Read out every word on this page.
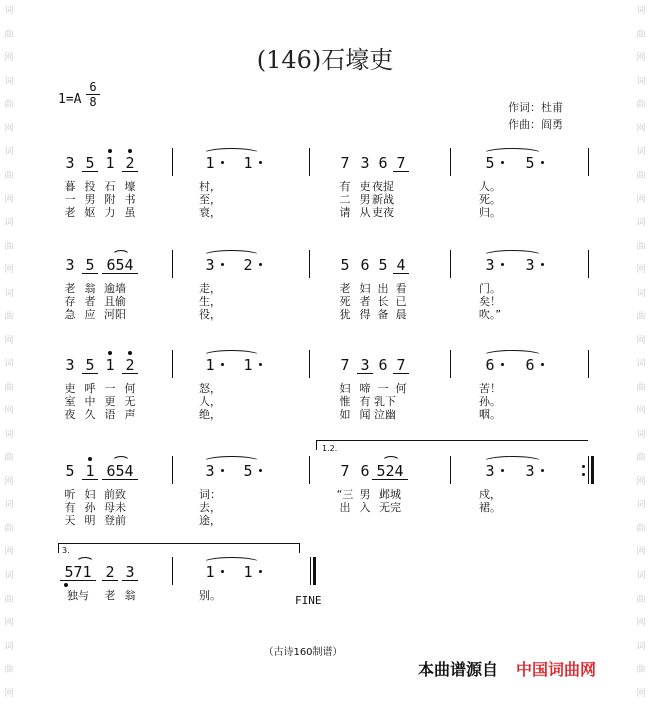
词
曲
网
词
曲
网
词
曲
网
词
曲
网
词
曲
网
词
曲
网
词
曲
网
词
曲
网
词
曲
网
词
曲
网
词
曲
网
词
曲
网
词
曲
网
词
曲
网
词
曲
网
词
曲
网
词
曲
网
词
曲
网
词
曲
网
词
曲
网
(146)石壕吏
1=A
6
8	作词：杜甫
作曲：阎勇
3 5 1 2	1 1	7 3 6 7	5 5
暮 投 石 壕	村，	有 吏 夜捉	人。
一 男 附 书	至，	二 男 新战	死。
老 妪 力 虽	衰，	请 从 吏夜	归。
3 5 654	3 2	5 6 5 4	3 3
老 翁 逾墙	走，	老 妇 出 看	门。
存 者 且偷	生，	死 者 长 已	矣！
急 应 河阳	役，	犹 得 备 晨	吹。”
3 5 1 2	1 1	7 3 6 7	6 6
吏 呼 一 何	怒，	妇 啼 一 何	苦！
室 中 更 无	人，	惟 有 乳下	孙。
夜 久 语 声	绝，	如 闻 泣幽	咽。
5 1 654	3 5	7 6 524	3 3
听 妇 前致	词：	“三 男 邺城	戍，
有 孙 母未	去，	出 入 无完	裙。
天 明 登前	途，
571 2 3	1 1
独与	老 翁	别。
1.2.
3.
FINE
（古诗160制谱）
本曲谱源自 中国词曲网
